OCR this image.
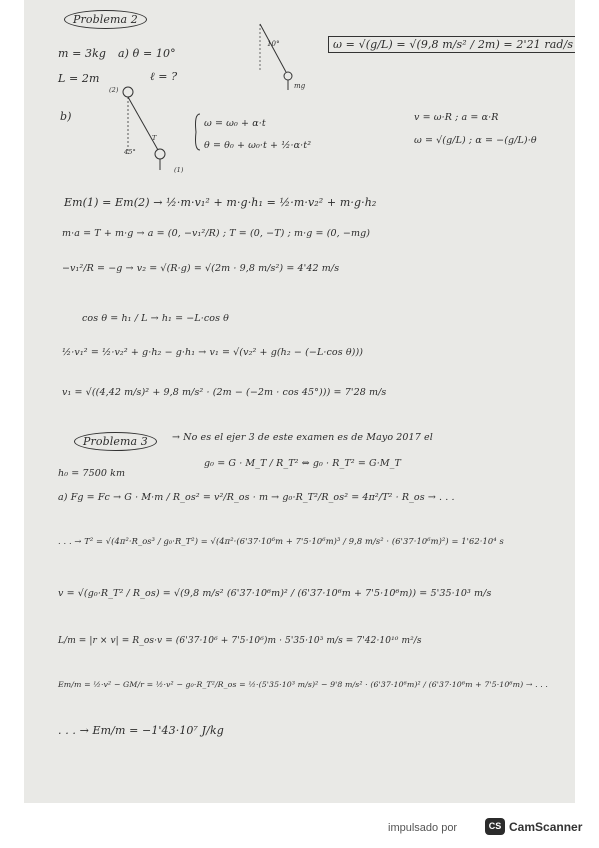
Problema 2
m = 3kg a) θ = 10°
L = 2m	ℓ = ?
10°
mg
ω = √(g/L) = √(9,8 m/s² / 2m) = 2'21 rad/s
b)
(2)
(1)
T
45°
ω = ω₀ + α·t
θ = θ₀ + ω₀·t + ½·α·t²
v = ω·R ; a = α·R
ω = √(g/L) ; α = −(g/L)·θ
Em(1) = Em(2) → ½·m·v₁² + m·g·h₁ = ½·m·v₂² + m·g·h₂
m·a = T + m·g → a = (0, −v₁²/R) ; T = (0, −T) ; m·g = (0, −mg)
−v₁²/R = −g → v₂ = √(R·g) = √(2m · 9,8 m/s²) = 4'42 m/s
cos θ = h₁ / L → h₁ = −L·cos θ
½·v₁² = ½·v₂² + g·h₂ − g·h₁ → v₁ = √(v₂² + g(h₂ − (−L·cos θ)))
v₁ = √((4,42 m/s)² + 9,8 m/s² · (2m − (−2m · cos 45°))) = 7'28 m/s
Problema 3	→ No es el ejer 3 de este examen es de Mayo 2017 el
g₀ = G · M_T / R_T² ⇔ g₀ · R_T² = G·M_T
h₀ = 7500 km
a) Fg = Fc → G · M·m / R_os² = v²/R_os · m → g₀·R_T²/R_os² = 4π²/T² · R_os → . . .
. . . → T² = √(4π²·R_os³ / g₀·R_T²) = √(4π²·(6'37·10⁶m + 7'5·10⁶m)³ / 9,8 m/s² · (6'37·10⁶m)²) = 1'62·10⁴ s
v = √(g₀·R_T² / R_os) = √(9,8 m/s² (6'37·10⁶m)² / (6'37·10⁶m + 7'5·10⁶m)) = 5'35·10³ m/s
L/m = |r × v| = R_os·v = (6'37·10⁶ + 7'5·10⁶)m · 5'35·10³ m/s = 7'42·10¹⁰ m²/s
Em/m = ½·v² − GM/r = ½·v² − g₀·R_T²/R_os = ½·(5'35·10³ m/s)² − 9'8 m/s² · (6'37·10⁶m)² / (6'37·10⁶m + 7'5·10⁶m) → . . .
. . . → Em/m = −1'43·10⁷ J/kg
impulsado por	CS CamScanner
